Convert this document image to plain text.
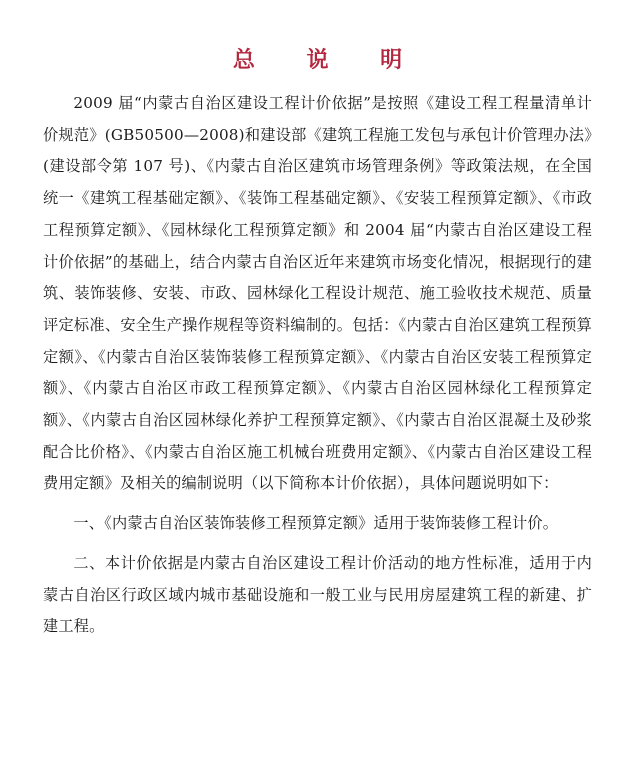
总 说 明

2009 届“内蒙古自治区建设工程计价依据”是按照《建设工程工程量清单计价规范》(GB50500—2008)和建设部《建筑工程施工发包与承包计价管理办法》(建设部令第 107 号)、《内蒙古自治区建筑市场管理条例》等政策法规，在全国统一《建筑工程基础定额》、《装饰工程基础定额》、《安装工程预算定额》、《市政工程预算定额》、《园林绿化工程预算定额》和 2004 届“内蒙古自治区建设工程计价依据”的基础上，结合内蒙古自治区近年来建筑市场变化情况，根据现行的建筑、装饰装修、安装、市政、园林绿化工程设计规范、施工验收技术规范、质量评定标准、安全生产操作规程等资料编制的。包括：《内蒙古自治区建筑工程预算定额》、《内蒙古自治区装饰装修工程预算定额》、《内蒙古自治区安装工程预算定额》、《内蒙古自治区市政工程预算定额》、《内蒙古自治区园林绿化工程预算定额》、《内蒙古自治区园林绿化养护工程预算定额》、《内蒙古自治区混凝土及砂浆配合比价格》、《内蒙古自治区施工机械台班费用定额》、《内蒙古自治区建设工程费用定额》及相关的编制说明（以下简称本计价依据），具体问题说明如下：

一、《内蒙古自治区装饰装修工程预算定额》适用于装饰装修工程计价。

二、本计价依据是内蒙古自治区建设工程计价活动的地方性标准，适用于内蒙古自治区行政区域内城市基础设施和一般工业与民用房屋建筑工程的新建、扩建工程。
